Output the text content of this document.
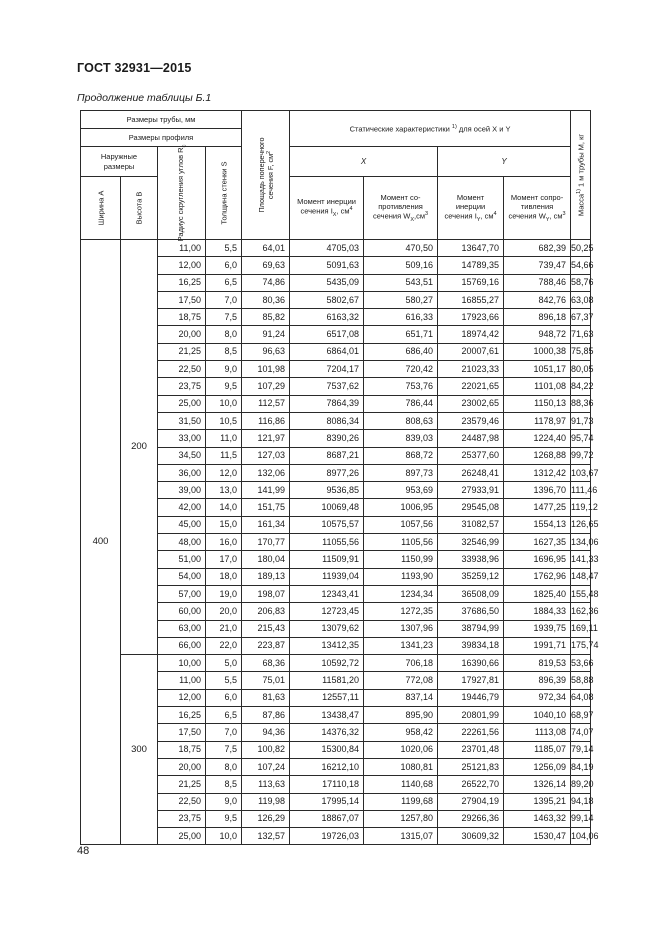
ГОСТ 32931—2015
Продолжение таблицы Б.1
Размеры трубы, мм				Площадь поперечного
сечения F, $см^2$	Статические характеристики $^{1)}$ для осей X и Y				Масса$^{1)}$ 1 м трубы M, кг

Размеры профиля									
Наружные размеры		Радиус скругления углов $R_c$	Толщина стенки S		X		Y		

Ширина A	Высота B				Момент инерции сечения $I_X$, $см^4$	Момент со-противления сечения $W_X,см^3$	Момент инерции сечения $I_Y$, $см^4$	Момент сопро-тивления сечения $W_Y$, $см^3$
400	200	11,00	5,5	64,01	4705,03	470,50	13647,70	682,39	50,25
		12,00	6,0	69,63	5091,63	509,16	14789,35	739,47	54,66
		16,25	6,5	74,86	5435,09	543,51	15769,16	788,46	58,76
		17,50	7,0	80,36	5802,67	580,27	16855,27	842,76	63,08
		18,75	7,5	85,82	6163,32	616,33	17923,66	896,18	67,37
		20,00	8,0	91,24	6517,08	651,71	18974,42	948,72	71,63
		21,25	8,5	96,63	6864,01	686,40	20007,61	1000,38	75,85
		22,50	9,0	101,98	7204,17	720,42	21023,33	1051,17	80,05
		23,75	9,5	107,29	7537,62	753,76	22021,65	1101,08	84,22
		25,00	10,0	112,57	7864,39	786,44	23002,65	1150,13	88,36
		31,50	10,5	116,86	8086,34	808,63	23579,46	1178,97	91,73
		33,00	11,0	121,97	8390,26	839,03	24487,98	1224,40	95,74
		34,50	11,5	127,03	8687,21	868,72	25377,60	1268,88	99,72
		36,00	12,0	132,06	8977,26	897,73	26248,41	1312,42	103,67
		39,00	13,0	141,99	9536,85	953,69	27933,91	1396,70	111,46
		42,00	14,0	151,75	10069,48	1006,95	29545,08	1477,25	119,12
		45,00	15,0	161,34	10575,57	1057,56	31082,57	1554,13	126,65
		48,00	16,0	170,77	11055,56	1105,56	32546,99	1627,35	134,06
		51,00	17,0	180,04	11509,91	1150,99	33938,96	1696,95	141,33
		54,00	18,0	189,13	11939,04	1193,90	35259,12	1762,96	148,47
		57,00	19,0	198,07	12343,41	1234,34	36508,09	1825,40	155,48
		60,00	20,0	206,83	12723,45	1272,35	37686,50	1884,33	162,36
		63,00	21,0	215,43	13079,62	1307,96	38794,99	1939,75	169,11
		66,00	22,0	223,87	13412,35	1341,23	39834,18	1991,71	175,74
	300	10,00	5,0	68,36	10592,72	706,18	16390,66	819,53	53,66
		11,00	5,5	75,01	11581,20	772,08	17927,81	896,39	58,88
		12,00	6,0	81,63	12557,11	837,14	19446,79	972,34	64,08
		16,25	6,5	87,86	13438,47	895,90	20801,99	1040,10	68,97
		17,50	7,0	94,36	14376,32	958,42	22261,56	1113,08	74,07
		18,75	7,5	100,82	15300,84	1020,06	23701,48	1185,07	79,14
		20,00	8,0	107,24	16212,10	1080,81	25121,83	1256,09	84,19
		21,25	8,5	113,63	17110,18	1140,68	26522,70	1326,14	89,20
		22,50	9,0	119,98	17995,14	1199,68	27904,19	1395,21	94,18
		23,75	9,5	126,29	18867,07	1257,80	29266,36	1463,32	99,14
		25,00	10,0	132,57	19726,03	1315,07	30609,32	1530,47	104,06
48
